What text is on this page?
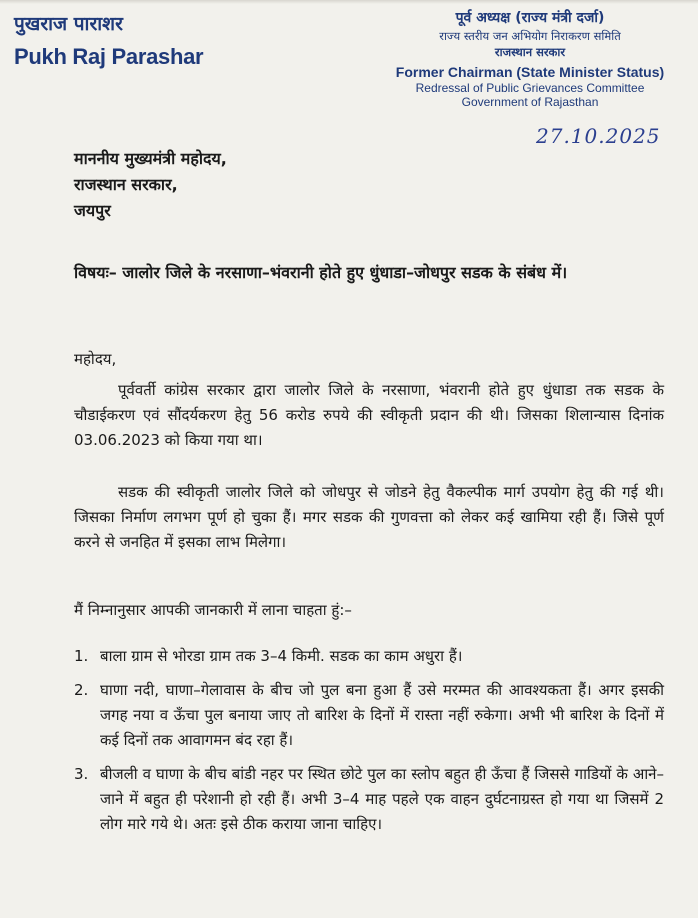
पुखराज पाराशर
Pukh Raj Parashar
पूर्व अध्यक्ष (राज्य मंत्री दर्जा)
राज्य स्तरीय जन अभियोग निराकरण समिति
राजस्थान सरकार
Former Chairman (State Minister Status)
Redressal of Public Grievances Committee
Government of Rajasthan
27.10.2025
माननीय मुख्यमंत्री महोदय,
राजस्थान सरकार,
जयपुर
विषयः– जालोर जिले के नरसाणा–भंवरानी होते हुए धुंधाडा–जोधपुर सडक के संबंध में।
महोदय,
पूर्ववर्ती कांग्रेस सरकार द्वारा जालोर जिले के नरसाणा, भंवरानी होते हुए धुंधाडा तक सडक के चौडाईकरण एवं सौंदर्यकरण हेतु 56 करोड रुपये की स्वीकृती प्रदान की थी। जिसका शिलान्यास दिनांक 03.06.2023 को किया गया था।
सडक की स्वीकृती जालोर जिले को जोधपुर से जोडने हेतु वैकल्पीक मार्ग उपयोग हेतु की गई थी। जिसका निर्माण लगभग पूर्ण हो चुका हैं। मगर सडक की गुणवत्ता को लेकर कई खामिया रही हैं। जिसे पूर्ण करने से जनहित में इसका लाभ मिलेगा।
मैं निम्नानुसार आपकी जानकारी में लाना चाहता हुं:–
1. बाला ग्राम से भोरडा ग्राम तक 3–4 किमी. सडक का काम अधुरा हैं।
2. घाणा नदी, घाणा–गेलावास के बीच जो पुल बना हुआ हैं उसे मरम्मत की आवश्यकता हैं। अगर इसकी जगह नया व ऊँचा पुल बनाया जाए तो बारिश के दिनों में रास्ता नहीं रुकेगा। अभी भी बारिश के दिनों में कई दिनों तक आवागमन बंद रहा हैं।
3. बीजली व घाणा के बीच बांडी नहर पर स्थित छोटे पुल का स्लोप बहुत ही ऊँचा हैं जिससे गाडियों के आने–जाने में बहुत ही परेशानी हो रही हैं। अभी 3–4 माह पहले एक वाहन दुर्घटनाग्रस्त हो गया था जिसमें 2 लोग मारे गये थे। अतः इसे ठीक कराया जाना चाहिए।
